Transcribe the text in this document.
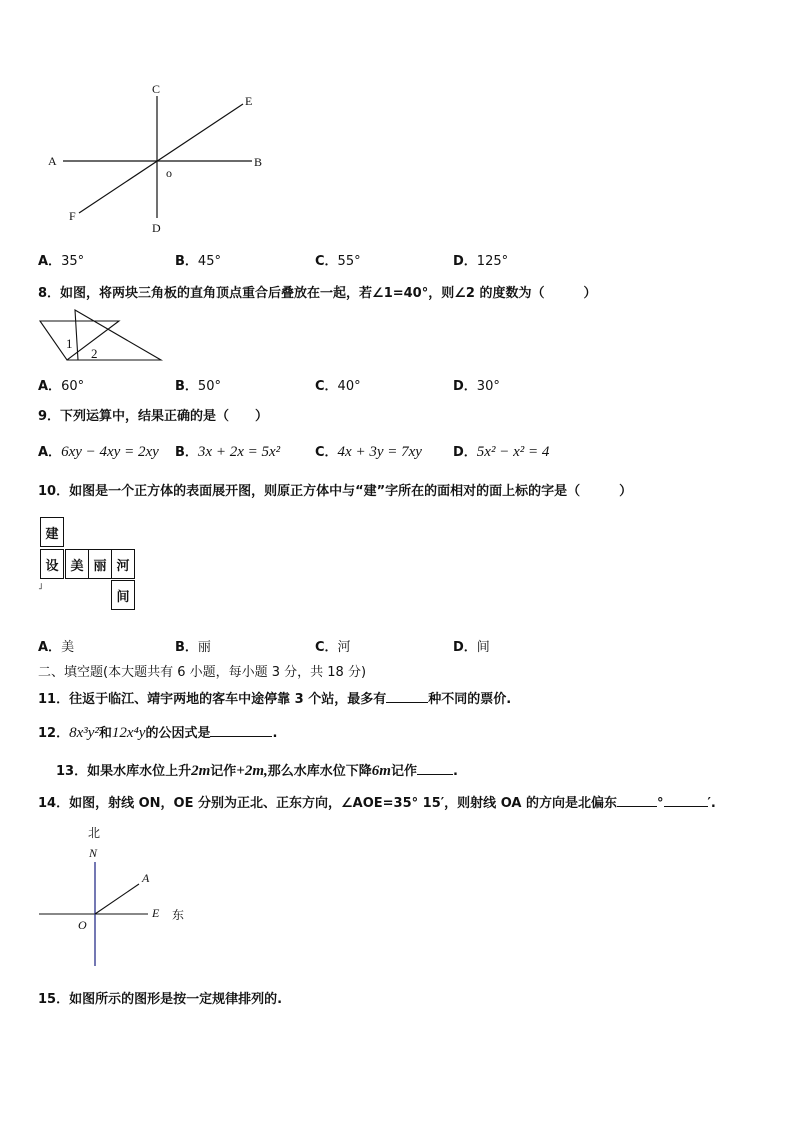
C
E
A	B
o
F
D
A．35°	B．45°	C．55°	D．125°
8．如图，将两块三角板的直角顶点重合后叠放在一起，若∠1=40°，则∠2 的度数为（　　　）
1
2
A．60°	B．50°	C．40°	D．30°
9．下列运算中，结果正确的是（　　）
A．6xy − 4xy = 2xy B．3x + 2x = 5x²	C．4x + 3y = 7xy D．5x² − x² = 4
10．如图是一个正方体的表面展开图，则原正方体中与“建”字所在的面相对的面上标的字是（　　　）
建
设 美 丽 河
间
˩
A．美	B．丽	C．河	D．间
二、填空题(本大题共有 6 小题，每小题 3 分，共 18 分)
11．往返于临江、靖宇两地的客车中途停靠 3 个站，最多有	种不同的票价.
12．8x³y²和12x⁴y的公因式是	.
13．如果水库水位上升2m记作+2m,那么水库水位下降6m记作	.
14．如图，射线 ON，OE 分别为正北、正东方向，∠AOE=35° 15′，则射线 OA 的方向是北偏东	°	′.
北
N
A
E 东
O
15．如图所示的图形是按一定规律排列的.
